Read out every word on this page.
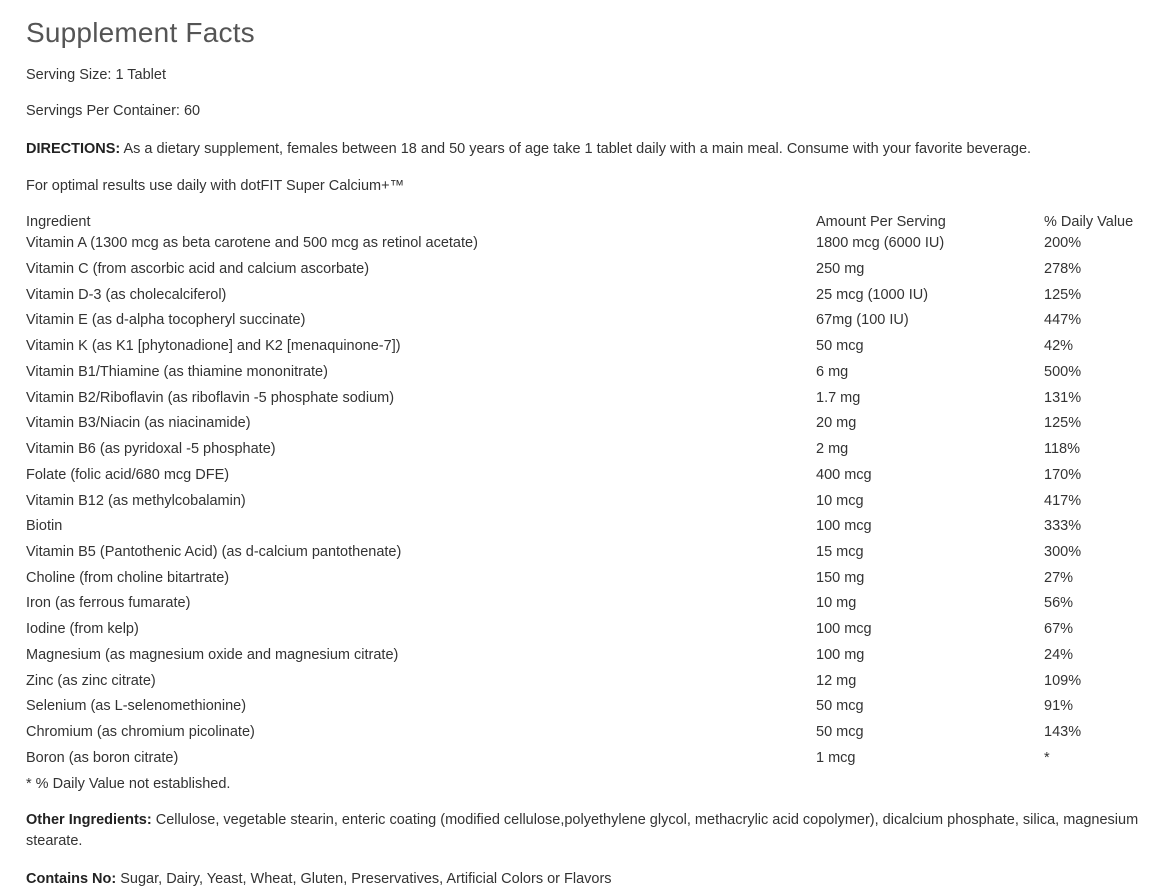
Supplement Facts

Serving Size: 1 Tablet

Servings Per Container: 60

DIRECTIONS: As a dietary supplement, females between 18 and 50 years of age take 1 tablet daily with a main meal. Consume with your favorite beverage.

For optimal results use daily with dotFIT Super Calcium+™

Ingredient	Amount Per Serving	% Daily Value
Vitamin A (1300 mcg as beta carotene and 500 mcg as retinol acetate)	1800 mcg (6000 IU)	200%
Vitamin C (from ascorbic acid and calcium ascorbate)	250 mg	278%
Vitamin D-3 (as cholecalciferol)	25 mcg (1000 IU)	125%
Vitamin E (as d-alpha tocopheryl succinate)	67mg (100 IU)	447%
Vitamin K (as K1 [phytonadione] and K2 [menaquinone-7])	50 mcg	42%
Vitamin B1/Thiamine (as thiamine mononitrate)	6 mg	500%
Vitamin B2/Riboflavin (as riboflavin -5 phosphate sodium)	1.7 mg	131%
Vitamin B3/Niacin (as niacinamide)	20 mg	125%
Vitamin B6 (as pyridoxal -5 phosphate)	2 mg	118%
Folate (folic acid/680 mcg DFE)	400 mcg	170%
Vitamin B12 (as methylcobalamin)	10 mcg	417%
Biotin	100 mcg	333%
Vitamin B5 (Pantothenic Acid) (as d-calcium pantothenate)	15 mcg	300%
Choline (from choline bitartrate)	150 mg	27%
Iron (as ferrous fumarate)	10 mg	56%
Iodine (from kelp)	100 mcg	67%
Magnesium (as magnesium oxide and magnesium citrate)	100 mg	24%
Zinc (as zinc citrate)	12 mg	109%
Selenium (as L-selenomethionine)	50 mcg	91%
Chromium (as chromium picolinate)	50 mcg	143%
Boron (as boron citrate)	1 mcg	*

* % Daily Value not established.

Other Ingredients: Cellulose, vegetable stearin, enteric coating (modified cellulose,polyethylene glycol, methacrylic acid copolymer), dicalcium phosphate, silica, magnesium stearate.

Contains No: Sugar, Dairy, Yeast, Wheat, Gluten, Preservatives, Artificial Colors or Flavors
